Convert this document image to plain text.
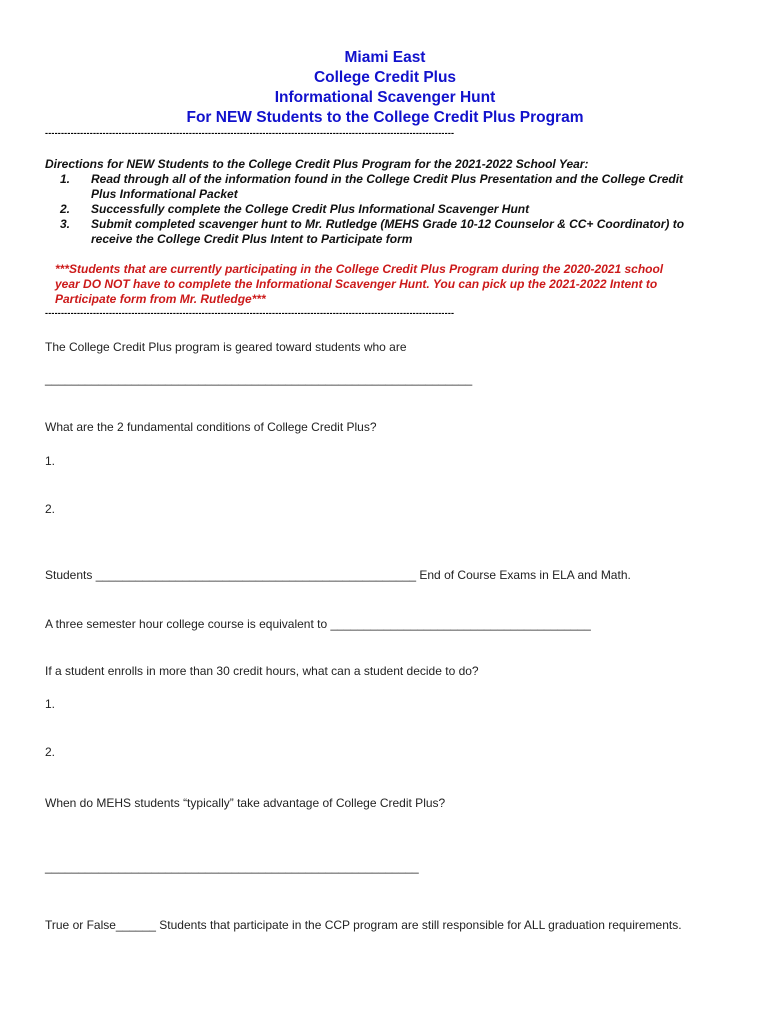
Miami East
College Credit Plus
Informational Scavenger Hunt
For NEW Students to the College Credit Plus Program
--------------------------------------------------------------------------------------------------------------------------------
Directions for NEW Students to the College Credit Plus Program for the 2021-2022 School Year:
1. Read through all of the information found in the College Credit Plus Presentation and the College Credit
Plus Informational Packet
2. Successfully complete the College Credit Plus Informational Scavenger Hunt
3. Submit completed scavenger hunt to Mr. Rutledge (MEHS Grade 10-12 Counselor & CC+ Coordinator) to
receive the College Credit Plus Intent to Participate form
***Students that are currently participating in the College Credit Plus Program during the 2020-2021 school
year DO NOT have to complete the Informational Scavenger Hunt. You can pick up the 2021-2022 Intent to
Participate form from Mr. Rutledge***
--------------------------------------------------------------------------------------------------------------------------------
The College Credit Plus program is geared toward students who are
________________________________________________________________
What are the 2 fundamental conditions of College Credit Plus?
1.
2.
Students ________________________________________________ End of Course Exams in ELA and Math.
A three semester hour college course is equivalent to _______________________________________
If a student enrolls in more than 30 credit hours, what can a student decide to do?
1.
2.
When do MEHS students “typically” take advantage of College Credit Plus?
________________________________________________________
True or False______ Students that participate in the CCP program are still responsible for ALL graduation requirements.
